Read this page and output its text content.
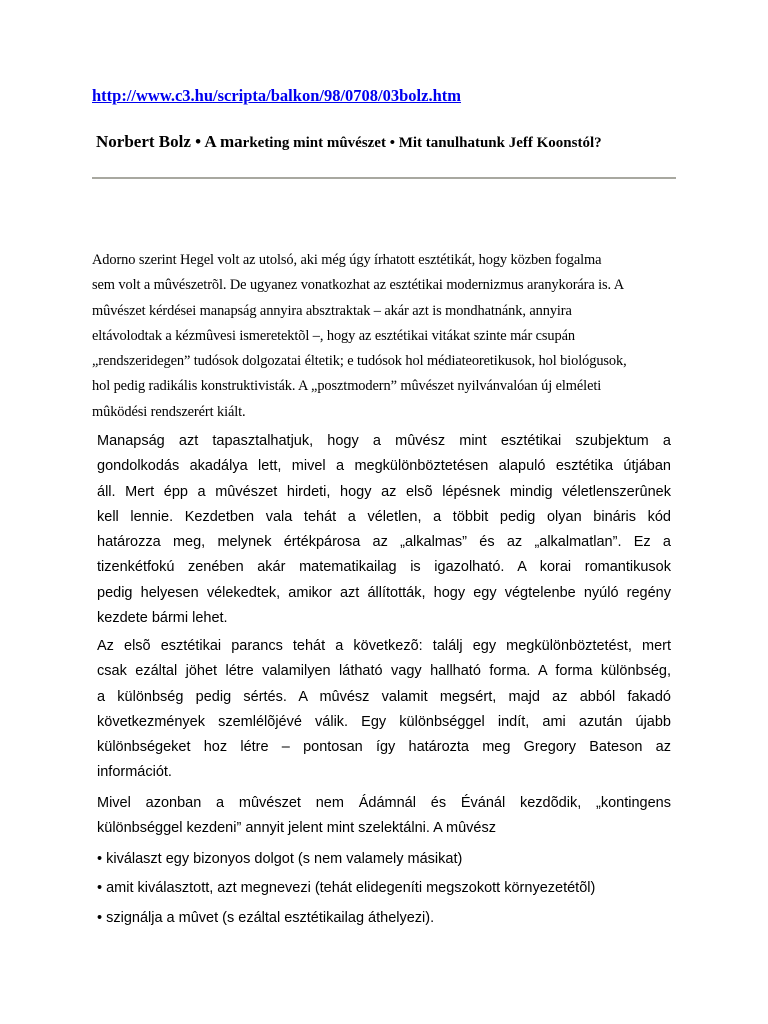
http://www.c3.hu/scripta/balkon/98/0708/03bolz.htm
Norbert Bolz • A marketing mint mûvészet • Mit tanulhatunk Jeff Koonstól?
Adorno szerint Hegel volt az utolsó, aki még úgy írhatott esztétikát, hogy közben fogalma
sem volt a mûvészetrõl. De ugyanez vonatkozhat az esztétikai modernizmus aranykorára is. A
mûvészet kérdései manapság annyira absztraktak – akár azt is mondhatnánk, annyira
eltávolodtak a kézmûvesi ismeretektõl –, hogy az esztétikai vitákat szinte már csupán
„rendszeridegen” tudósok dolgozatai éltetik; e tudósok hol médiateoretikusok, hol biológusok,
hol pedig radikális konstruktivisták. A „posztmodern” mûvészet nyilvánvalóan új elméleti
mûködési rendszerért kiált.
Manapság azt tapasztalhatjuk, hogy a mûvész mint esztétikai szubjektum a
gondolkodás akadálya lett, mivel a megkülönböztetésen alapuló esztétika útjában
áll. Mert épp a mûvészet hirdeti, hogy az elsõ lépésnek mindig véletlenszerûnek
kell lennie. Kezdetben vala tehát a véletlen, a többit pedig olyan bináris kód
határozza meg, melynek értékpárosa az „alkalmas” és az „alkalmatlan”. Ez a
tizenkétfokú zenében akár matematikailag is igazolható. A korai romantikusok
pedig helyesen vélekedtek, amikor azt állították, hogy egy végtelenbe nyúló regény
kezdete bármi lehet.
Az elsõ esztétikai parancs tehát a következõ: találj egy megkülönböztetést, mert
csak ezáltal jöhet létre valamilyen látható vagy hallható forma. A forma különbség,
a különbség pedig sértés. A mûvész valamit megsért, majd az abból fakadó
következmények szemlélõjévé válik. Egy különbséggel indít, ami azután újabb
különbségeket hoz létre – pontosan így határozta meg Gregory Bateson az
információt.
Mivel azonban a mûvészet nem Ádámnál és Évánál kezdõdik, „kontingens
különbséggel kezdeni” annyit jelent mint szelektálni. A mûvész
• kiválaszt egy bizonyos dolgot (s nem valamely másikat)
• amit kiválasztott, azt megnevezi (tehát elidegeníti megszokott környezetétõl)
• szignálja a mûvet (s ezáltal esztétikailag áthelyezi).
